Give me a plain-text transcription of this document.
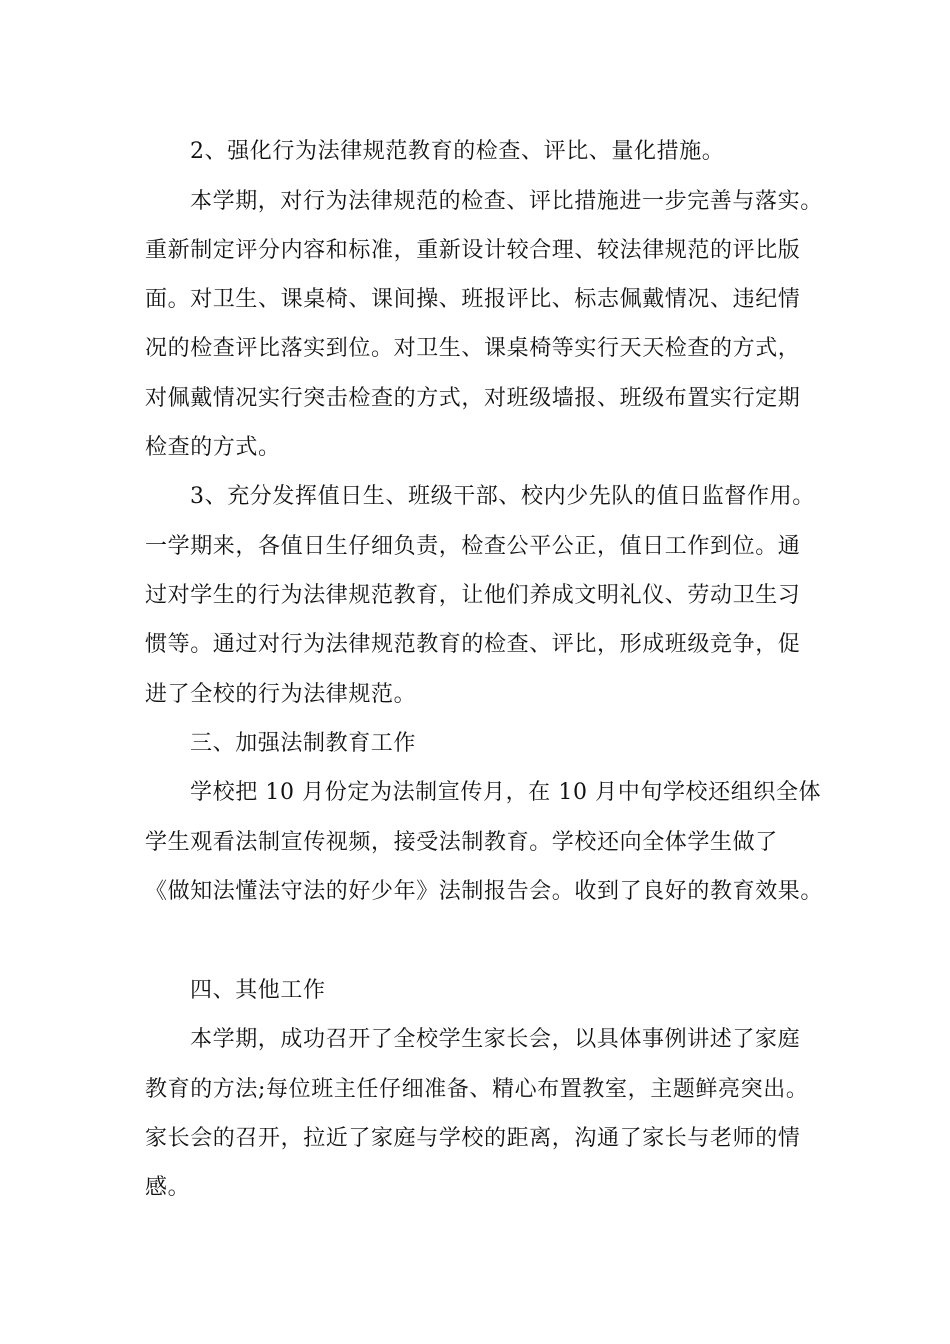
2、强化行为法律规范教育的检查、评比、量化措施。
本学期，对行为法律规范的检查、评比措施进一步完善与落实。
重新制定评分内容和标准，重新设计较合理、较法律规范的评比版
面。对卫生、课桌椅、课间操、班报评比、标志佩戴情况、违纪情
况的检查评比落实到位。对卫生、课桌椅等实行天天检查的方式，
对佩戴情况实行突击检查的方式，对班级墙报、班级布置实行定期
检查的方式。
3、充分发挥值日生、班级干部、校内少先队的值日监督作用。
一学期来，各值日生仔细负责，检查公平公正，值日工作到位。通
过对学生的行为法律规范教育，让他们养成文明礼仪、劳动卫生习
惯等。通过对行为法律规范教育的检查、评比，形成班级竞争，促
进了全校的行为法律规范。
三、加强法制教育工作
学校把 10 月份定为法制宣传月，在 10 月中旬学校还组织全体
学生观看法制宣传视频，接受法制教育。学校还向全体学生做了
《做知法懂法守法的好少年》法制报告会。收到了良好的教育效果。
四、其他工作
本学期，成功召开了全校学生家长会，以具体事例讲述了家庭
教育的方法;每位班主任仔细准备、精心布置教室，主题鲜亮突出。
家长会的召开，拉近了家庭与学校的距离，沟通了家长与老师的情
感。
